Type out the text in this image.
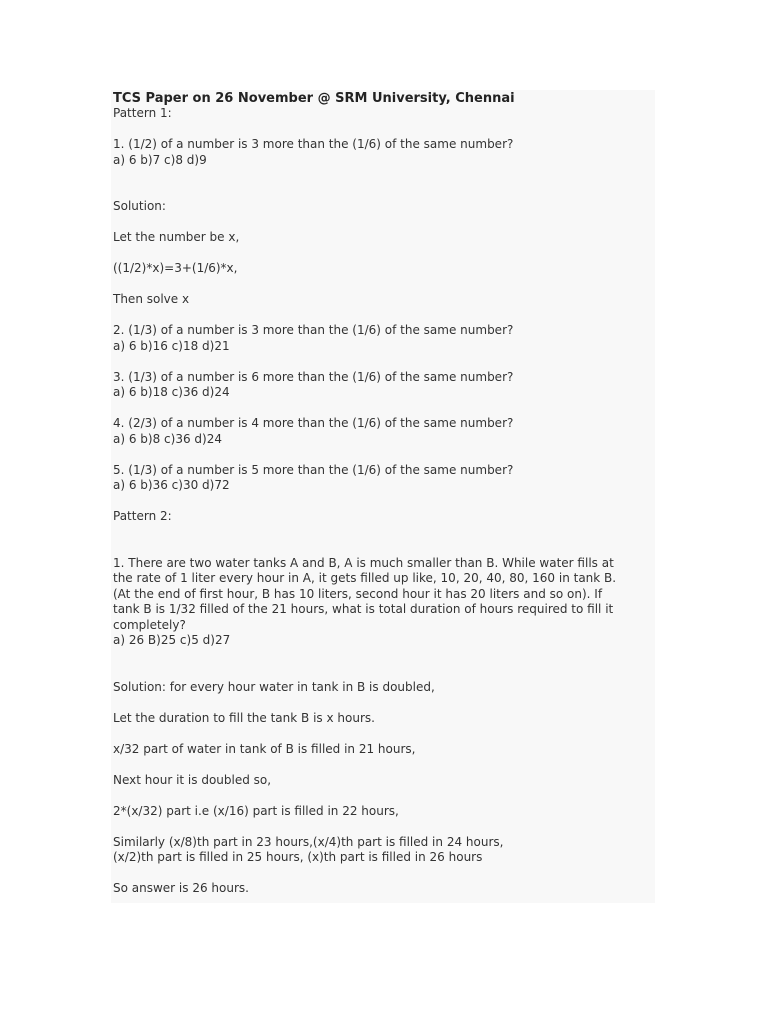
TCS Paper on 26 November @ SRM University, Chennai
Pattern 1:
1. (1/2) of a number is 3 more than the (1/6) of the same number?
a) 6 b)7 c)8 d)9
Solution:
Let the number be x,
((1/2)*x)=3+(1/6)*x,
Then solve x
2. (1/3) of a number is 3 more than the (1/6) of the same number?
a) 6 b)16 c)18 d)21
3. (1/3) of a number is 6 more than the (1/6) of the same number?
a) 6 b)18 c)36 d)24
4. (2/3) of a number is 4 more than the (1/6) of the same number?
a) 6 b)8 c)36 d)24
5. (1/3) of a number is 5 more than the (1/6) of the same number?
a) 6 b)36 c)30 d)72
Pattern 2:
1. There are two water tanks A and B, A is much smaller than B. While water fills at
the rate of 1 liter every hour in A, it gets filled up like, 10, 20, 40, 80, 160 in tank B.
(At the end of first hour, B has 10 liters, second hour it has 20 liters and so on). If
tank B is 1/32 filled of the 21 hours, what is total duration of hours required to fill it
completely?
a) 26 B)25 c)5 d)27
Solution: for every hour water in tank in B is doubled,
Let the duration to fill the tank B is x hours.
x/32 part of water in tank of B is filled in 21 hours,
Next hour it is doubled so,
2*(x/32) part i.e (x/16) part is filled in 22 hours,
Similarly (x/8)th part in 23 hours,(x/4)th part is filled in 24 hours,
(x/2)th part is filled in 25 hours, (x)th part is filled in 26 hours
So answer is 26 hours.
